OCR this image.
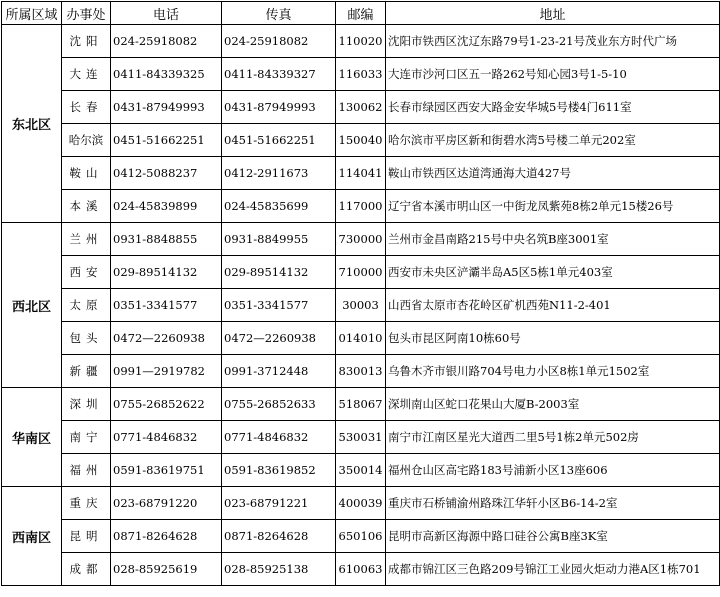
所属区域	办事处	电话	传真	邮编	地址
东北区	沈阳	024-25918082	024-25918082	110020	沈阳市铁西区沈辽东路79号1-23-21号茂业东方时代广场
	大连	0411-84339325	0411-84339327	116033	大连市沙河口区五一路262号知心园3号1-5-10
	长春	0431-87949993	0431-87949993	130062	长春市绿园区西安大路金安华城5号楼4门611室
	哈尔滨	0451-51662251	0451-51662251	150040	哈尔滨市平房区新和街碧水湾5号楼二单元202室
	鞍山	0412-5088237	0412-2911673	114041	鞍山市铁西区达道湾通海大道427号
	本溪	024-45839899	024-45835699	117000	辽宁省本溪市明山区一中街龙凤紫苑8栋2单元15楼26号
西北区	兰州	0931-8848855	0931-8849955	730000	兰州市金昌南路215号中央名筑B座3001室
	西安	029-89514132	029-89514132	710000	西安市未央区浐灞半岛A5区5栋1单元403室
	太原	0351-3341577	0351-3341577	30003	山西省太原市杏花岭区矿机西苑N11-2-401
	包头	0472—2260938	0472—2260938	014010	包头市昆区阿南10栋60号
	新疆	0991—2919782	0991-3712448	830013	乌鲁木齐市银川路704号电力小区8栋1单元1502室
华南区	深圳	0755-26852622	0755-26852633	518067	深圳南山区蛇口花果山大厦B-2003室
	南宁	0771-4846832	0771-4846832	530031	南宁市江南区星光大道西二里5号1栋2单元502房
	福州	0591-83619751	0591-83619852	350014	福州仓山区高宅路183号浦新小区13座606
西南区	重庆	023-68791220	023-68791221	400039	重庆市石桥铺渝州路珠江华轩小区B6-14-2室
	昆明	0871-8264628	0871-8264628	650106	昆明市高新区海源中路口硅谷公寓B座3K室
	成都	028-85925619	028-85925138	610063	成都市锦江区三色路209号锦江工业园火炬动力港A区1栋701
